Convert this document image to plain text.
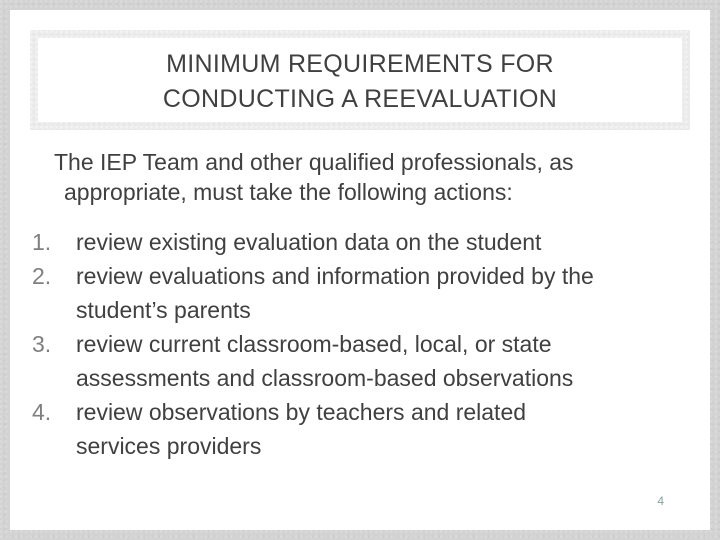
MINIMUM REQUIREMENTS FOR
CONDUCTING A REEVALUATION
The IEP Team and other qualified professionals, as
appropriate, must take the following actions:
1. review existing evaluation data on the student
2. review evaluations and information provided by the
student’s parents
3. review current classroom-based, local, or state
assessments and classroom-based observations
4. review observations by teachers and related
services providers
4
